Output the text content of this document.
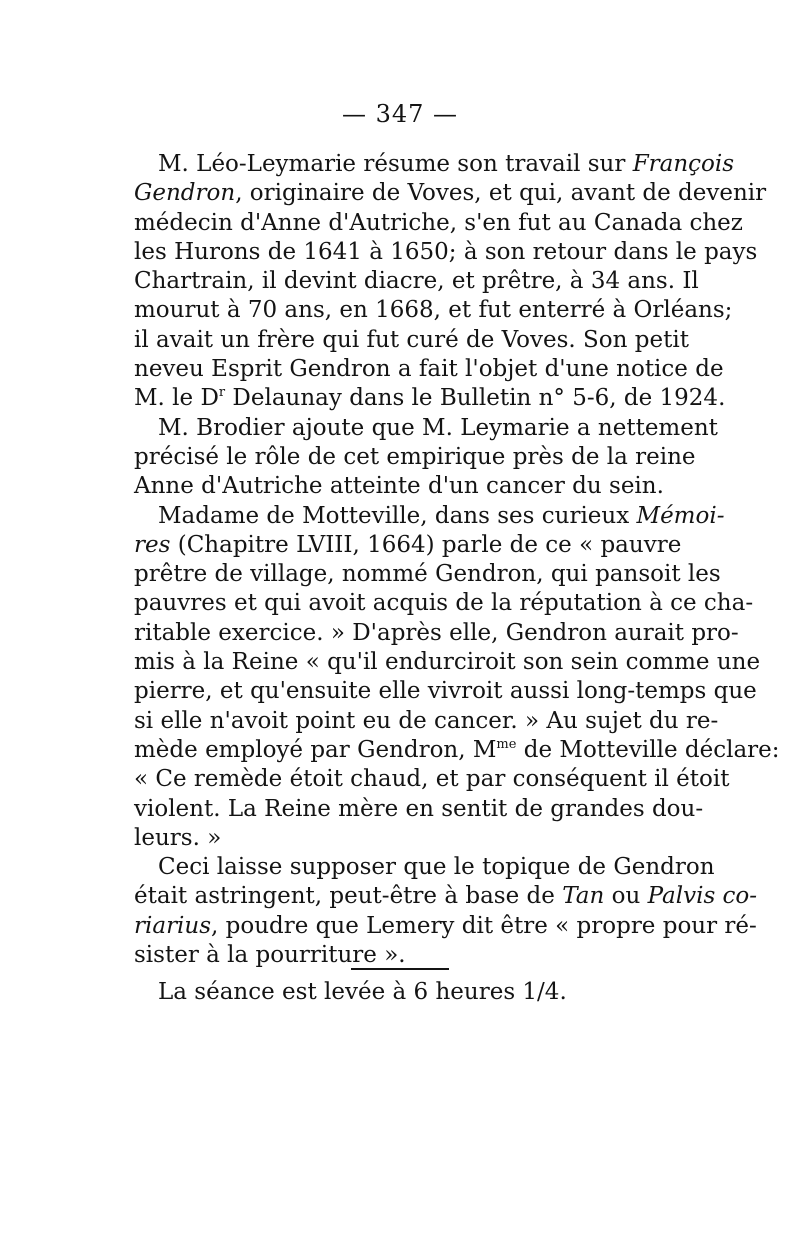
— 347 —
M. Léo-Leymarie résume son travail sur François
Gendron, originaire de Voves, et qui, avant de devenir
médecin d'Anne d'Autriche, s'en fut au Canada chez
les Hurons de 1641 à 1650; à son retour dans le pays
Chartrain, il devint diacre, et prêtre, à 34 ans. Il
mourut à 70 ans, en 1668, et fut enterré à Orléans;
il avait un frère qui fut curé de Voves. Son petit
neveu Esprit Gendron a fait l'objet d'une notice de
M. le $D^r$ Delaunay dans le Bulletin n° 5-6, de 1924.
M. Brodier ajoute que M. Leymarie a nettement
précisé le rôle de cet empirique près de la reine
Anne d'Autriche atteinte d'un cancer du sein.
Madame de Motteville, dans ses curieux Mémoi-
res (Chapitre LVIII, 1664) parle de ce « pauvre
prêtre de village, nommé Gendron, qui pansoit les
pauvres et qui avoit acquis de la réputation à ce cha-
ritable exercice. » D'après elle, Gendron aurait pro-
mis à la Reine « qu'il endurciroit son sein comme une
pierre, et qu'ensuite elle vivroit aussi long-temps que
si elle n'avoit point eu de cancer. » Au sujet du re-
mède employé par Gendron, $M^{me}$ de Motteville déclare:
« Ce remède étoit chaud, et par conséquent il étoit
violent. La Reine mère en sentit de grandes dou-
leurs. »
Ceci laisse supposer que le topique de Gendron
était astringent, peut-être à base de Tan ou Palvis co-
riarius, poudre que Lemery dit être « propre pour ré-
sister à la pourriture ».
La séance est levée à 6 heures 1/4.
